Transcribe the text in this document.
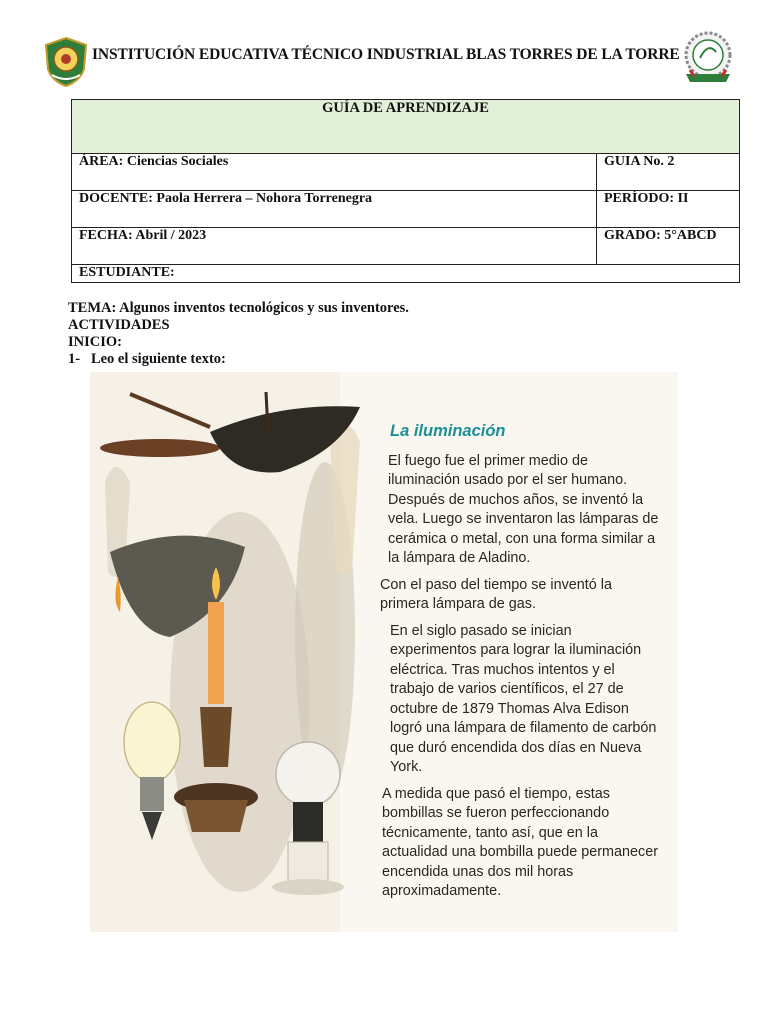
INSTITUCIÓN EDUCATIVA TÉCNICO INDUSTRIAL BLAS TORRES DE LA TORRE
GUÍA DE APRENDIZAJE	
ÁREA: Ciencias Sociales	GUIA No. 2
DOCENTE: Paola Herrera – Nohora Torrenegra	PERÍODO: II
FECHA: Abril / 2023	GRADO: 5°ABCD
ESTUDIANTE:	
TEMA: Algunos inventos tecnológicos y sus inventores.
ACTIVIDADES
INICIO:
1-   Leo el siguiente texto:
La iluminación

El fuego fue el primer medio de iluminación usado por el ser humano. Después de muchos años, se inventó la vela. Luego se inventaron las lámparas de cerámica o metal, con una forma similar a la lámpara de Aladino.

Con el paso del tiempo se inventó la primera lámpara de gas.

En el siglo pasado se inician experimentos para lograr la iluminación eléctrica. Tras muchos intentos y el trabajo de varios científicos, el 27 de octubre de 1879 Thomas Alva Edison logró una lámpara de filamento de carbón que duró encendida dos días en Nueva York.

A medida que pasó el tiempo, estas bombillas se fueron perfeccionando técnicamente, tanto así, que en la actualidad una bombilla puede permanecer encendida unas dos mil horas aproximadamente.
